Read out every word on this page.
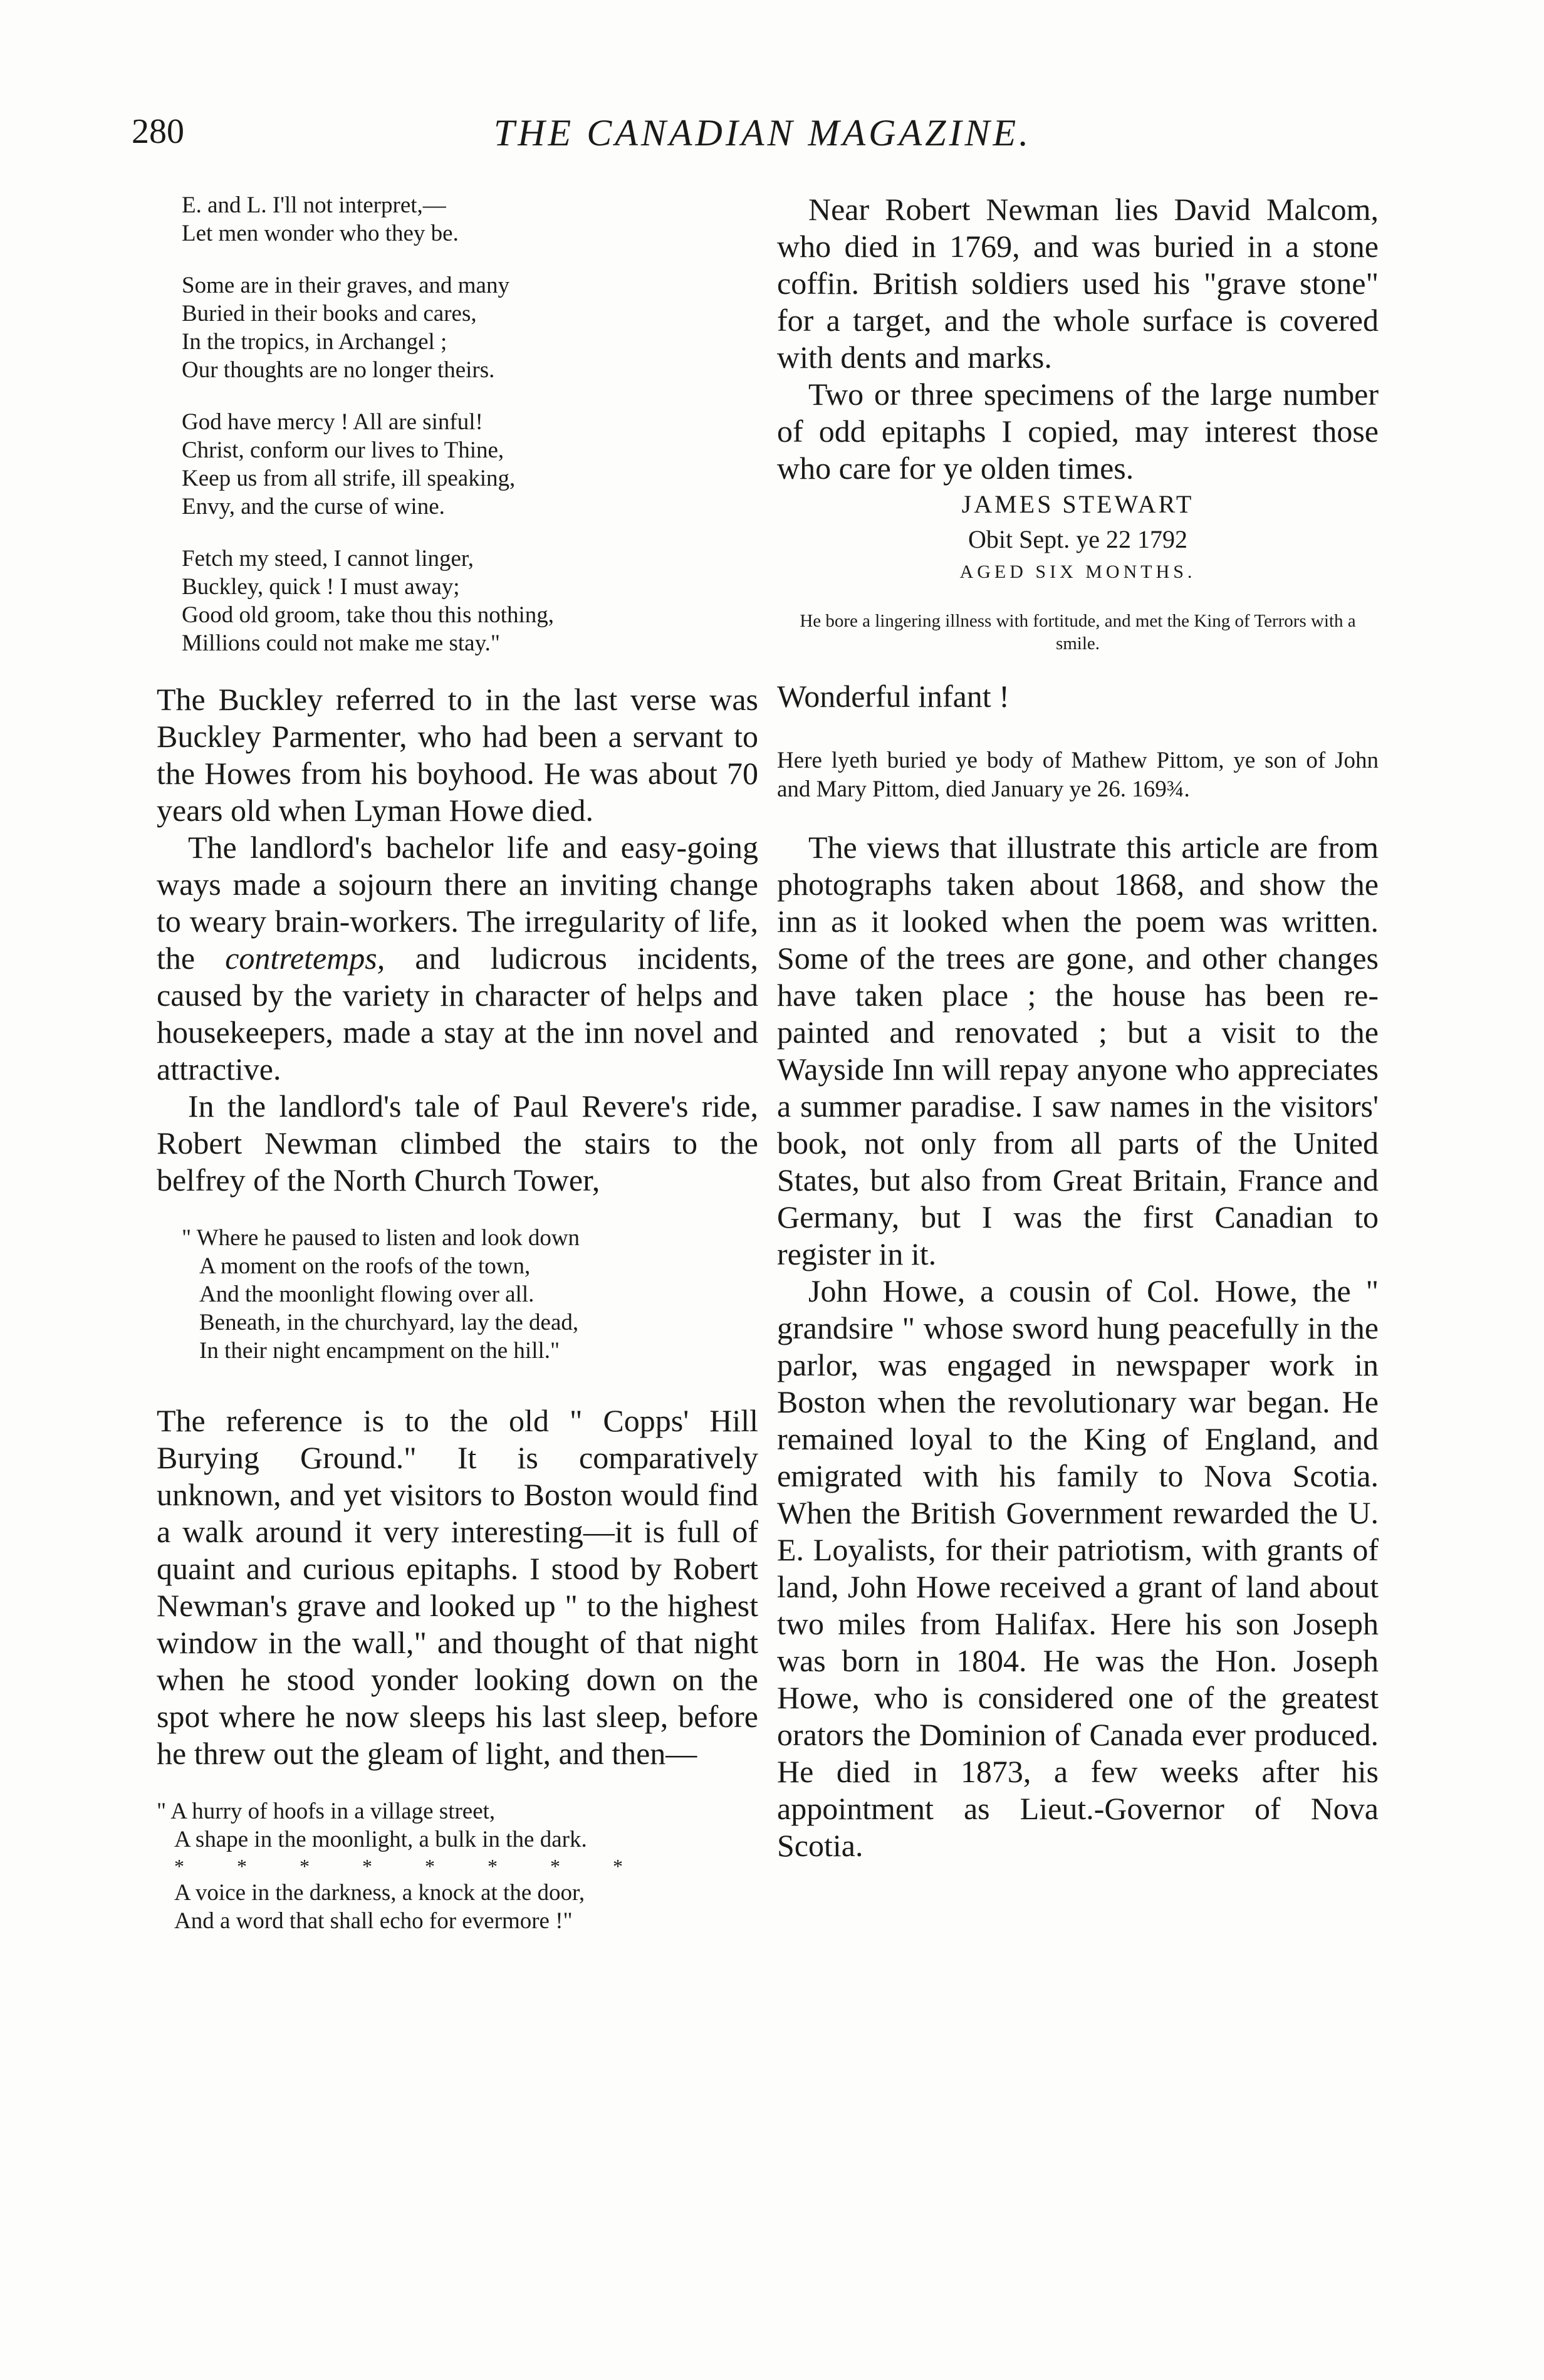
280	THE CANADIAN MAGAZINE.
E. and L. I'll not interpret,—
Let men wonder who they be.
Some are in their graves, and many
Buried in their books and cares,
In the tropics, in Archangel ;
Our thoughts are no longer theirs.
God have mercy ! All are sinful!
Christ, conform our lives to Thine,
Keep us from all strife, ill speaking,
Envy, and the curse of wine.
Fetch my steed, I cannot linger,
Buckley, quick ! I must away;
Good old groom, take thou this nothing,
Millions could not make me stay."

The Buckley referred to in the last verse was Buckley Parmenter, who had been a servant to the Howes from his boyhood. He was about 70 years old when Lyman Howe died.

The landlord's bachelor life and easy-going ways made a sojourn there an inviting change to weary brain-workers. The irregularity of life, the contretemps, and ludicrous incidents, caused by the variety in character of helps and housekeepers, made a stay at the inn novel and attractive.

In the landlord's tale of Paul Revere's ride, Robert Newman climbed the stairs to the belfrey of the North Church Tower,

" Where he paused to listen and look down
A moment on the roofs of the town,
And the moonlight flowing over all.
Beneath, in the churchyard, lay the dead,
In their night encampment on the hill."

The reference is to the old " Copps' Hill Burying Ground." It is comparatively unknown, and yet visitors to Boston would find a walk around it very interesting—it is full of quaint and curious epitaphs. I stood by Robert Newman's grave and looked up " to the highest window in the wall," and thought of that night when he stood yonder looking down on the spot where he now sleeps his last sleep, before he threw out the gleam of light, and then—

" A hurry of hoofs in a village street,
A shape in the moonlight, a bulk in the dark.
* * * * * * * *
A voice in the darkness, a knock at the door,
And a word that shall echo for evermore !"

Near Robert Newman lies David Malcom, who died in 1769, and was buried in a stone coffin. British soldiers used his "grave stone" for a target, and the whole surface is covered with dents and marks.

Two or three specimens of the large number of odd epitaphs I copied, may interest those who care for ye olden times.

JAMES STEWART
Obit Sept. ye 22 1792
AGED SIX MONTHS.

He bore a lingering illness with fortitude, and met the King of Terrors with a smile.

Wonderful infant !

Here lyeth buried ye body of Mathew Pittom, ye son of John and Mary Pittom, died January ye 26. 169¾.

The views that illustrate this article are from photographs taken about 1868, and show the inn as it looked when the poem was written. Some of the trees are gone, and other changes have taken place ; the house has been re-painted and renovated ; but a visit to the Wayside Inn will repay anyone who appreciates a summer paradise. I saw names in the visitors' book, not only from all parts of the United States, but also from Great Britain, France and Germany, but I was the first Canadian to register in it.

John Howe, a cousin of Col. Howe, the " grandsire " whose sword hung peacefully in the parlor, was engaged in newspaper work in Boston when the revolutionary war began. He remained loyal to the King of England, and emigrated with his family to Nova Scotia. When the British Government rewarded the U. E. Loyalists, for their patriotism, with grants of land, John Howe received a grant of land about two miles from Halifax. Here his son Joseph was born in 1804. He was the Hon. Joseph Howe, who is considered one of the greatest orators the Dominion of Canada ever produced. He died in 1873, a few weeks after his appointment as Lieut.-Governor of Nova Scotia.
